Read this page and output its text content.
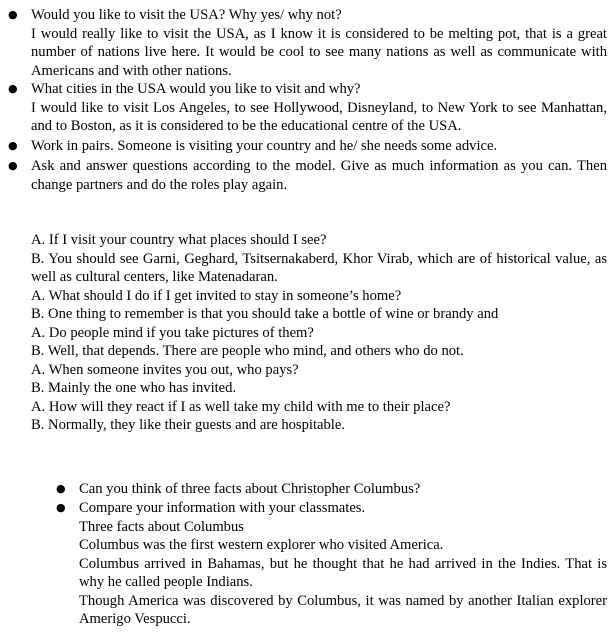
● Would you like to visit the USA? Why yes/ why not?

I would really like to visit the USA, as I know it is considered to be melting pot, that is a great number of nations live here. It would be cool to see many nations as well as communicate with Americans and with other nations.

● What cities in the USA would you like to visit and why?

I would like to visit Los Angeles, to see Hollywood, Disneyland, to New York to see Manhattan, and to Boston, as it is considered to be the educational centre of the USA.

● Work in pairs. Someone is visiting your country and he/ she needs some advice.

● Ask and answer questions according to the model. Give as much information as you can. Then change partners and do the roles play again.

A. If I visit your country what places should I see?

B. You should see Garni, Geghard, Tsitsernakaberd, Khor Virab, which are of historical value, as well as cultural centers, like Matenadaran.

A. What should I do if I get invited to stay in someone’s home?

B. One thing to remember is that you should take a bottle of wine or brandy and

A. Do people mind if you take pictures of them?

B. Well, that depends. There are people who mind, and others who do not.

A. When someone invites you out, who pays?

B. Mainly the one who has invited.

A. How will they react if I as well take my child with me to their place?

B. Normally, they like their guests and are hospitable.

● Can you think of three facts about Christopher Columbus?

● Compare your information with your classmates.

Three facts about Columbus

Columbus was the first western explorer who visited America.

Columbus arrived in Bahamas, but he thought that he had arrived in the Indies. That is why he called people Indians.

Though America was discovered by Columbus, it was named by another Italian explorer Amerigo Vespucci.
